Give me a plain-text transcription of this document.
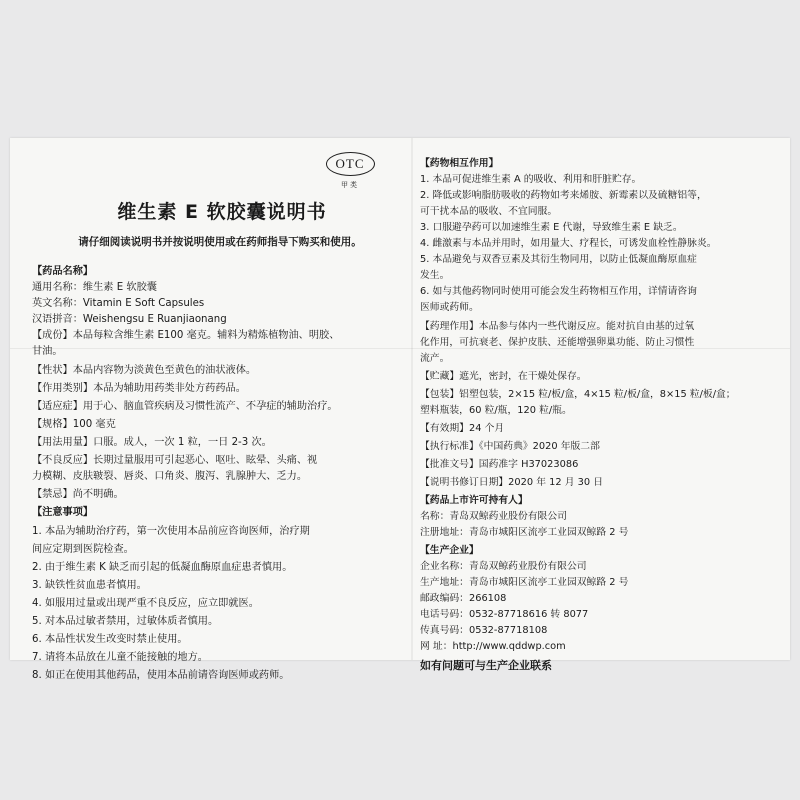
OTC
甲类
维生素 E 软胶囊说明书
请仔细阅读说明书并按说明使用或在药师指导下购买和使用。
【药品名称】
通用名称：维生素 E 软胶囊
英文名称：Vitamin E Soft Capsules
汉语拼音：Weishengsu E Ruanjiaonang
【成份】本品每粒含维生素 E100 毫克。辅料为精炼植物油、明胶、
甘油。
【性状】本品内容物为淡黄色至黄色的油状液体。
【作用类别】本品为辅助用药类非处方药药品。
【适应症】用于心、脑血管疾病及习惯性流产、不孕症的辅助治疗。
【规格】100 毫克
【用法用量】口服。成人，一次 1 粒，一日 2-3 次。
【不良反应】长期过量服用可引起恶心、呕吐、眩晕、头痛、视
力模糊、皮肤皲裂、唇炎、口角炎、腹泻、乳腺肿大、乏力。
【禁忌】尚不明确。
【注意事项】
1. 本品为辅助治疗药，第一次使用本品前应咨询医师，治疗期
间应定期到医院检查。
2. 由于维生素 K 缺乏而引起的低凝血酶原血症患者慎用。
3. 缺铁性贫血患者慎用。
4. 如服用过量或出现严重不良反应，应立即就医。
5. 对本品过敏者禁用，过敏体质者慎用。
6. 本品性状发生改变时禁止使用。
7. 请将本品放在儿童不能接触的地方。
8. 如正在使用其他药品，使用本品前请咨询医师或药师。
【药物相互作用】
1. 本品可促进维生素 A 的吸收、利用和肝脏贮存。
2. 降低或影响脂肪吸收的药物如考来烯胺、新霉素以及硫糖铝等，
可干扰本品的吸收、不宜同服。
3. 口服避孕药可以加速维生素 E 代谢，导致维生素 E 缺乏。
4. 雌激素与本品并用时，如用量大、疗程长，可诱发血栓性静脉炎。
5. 本品避免与双香豆素及其衍生物同用，以防止低凝血酶原血症
发生。
6. 如与其他药物同时使用可能会发生药物相互作用，详情请咨询
医师或药师。
【药理作用】本品参与体内一些代谢反应。能对抗自由基的过氧
化作用，可抗衰老、保护皮肤、还能增强卵巢功能、防止习惯性
流产。
【贮藏】遮光，密封，在干燥处保存。
【包装】铝塑包装，2×15 粒/板/盒，4×15 粒/板/盒，8×15 粒/板/盒；
塑料瓶装，60 粒/瓶，120 粒/瓶。
【有效期】24 个月
【执行标准】《中国药典》2020 年版二部
【批准文号】国药准字 H37023086
【说明书修订日期】2020 年 12 月 30 日
【药品上市许可持有人】
名称：青岛双鲸药业股份有限公司
注册地址：青岛市城阳区流亭工业园双鲸路 2 号
【生产企业】
企业名称：青岛双鲸药业股份有限公司
生产地址：青岛市城阳区流亭工业园双鲸路 2 号
邮政编码：266108
电话号码：0532-87718616 转 8077
传真号码：0532-87718108
网 址：http://www.qddwp.com
如有问题可与生产企业联系
